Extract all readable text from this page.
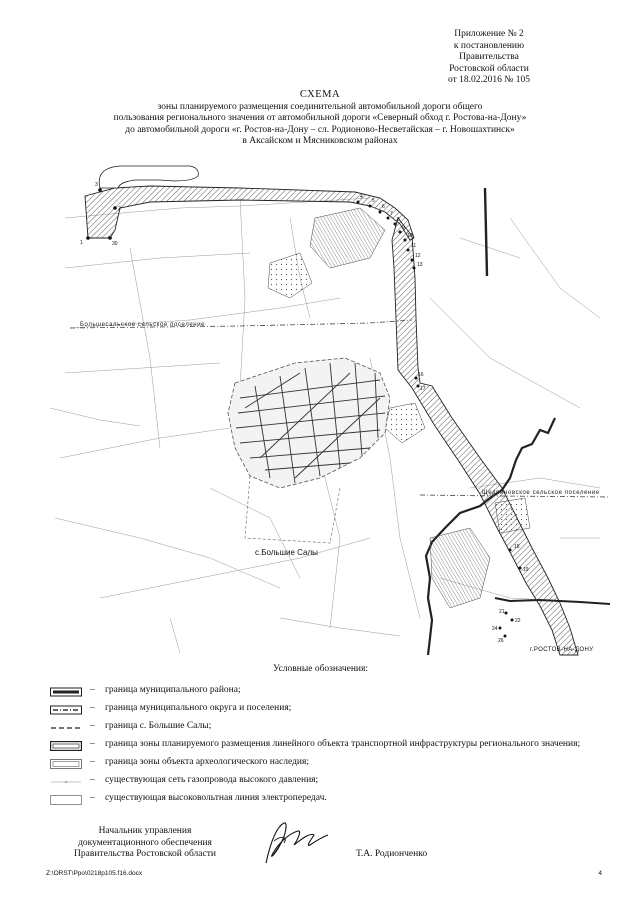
Приложение № 2
к постановлению
Правительства
Ростовской области
от 18.02.2016 № 105
СХЕМА
зоны планируемого размещения соединительной автомобильной дороги общего
пользования регионального значения от автомобильной дороги «Северный обход г. Ростова-на-Дону»
до автомобильной дороги «г. Ростов-на-Дону – сл. Родионово-Несветайская – г. Новошахтинск»
в Аксайском и Мясниковском районах
1	30
2
3
4
5
6
7
8
9
10
11
12
13
16
17
18
19
21
22
24
26
Большесальское сельское поселение
Щедриновское сельское поселение
с.Большие Салы
г.РОСТОВ-НА-ДОНУ
Условные обозначения:
– граница муниципального района;
– граница муниципального округа и поселения;
– граница с. Большие Салы;
– граница зоны планируемого размещения линейного объекта транспортной инфраструктуры регионального значения;
– граница зоны объекта археологического наследия;
– существующая сеть газопровода высокого давления;
– существующая высоковольтная линия электропередач.
Начальник управления
документационного обеспечения
Правительства Ростовской области	Т.А. Родионченко
Z:\ORST\Ppo\0218p105.f16.docx	4
